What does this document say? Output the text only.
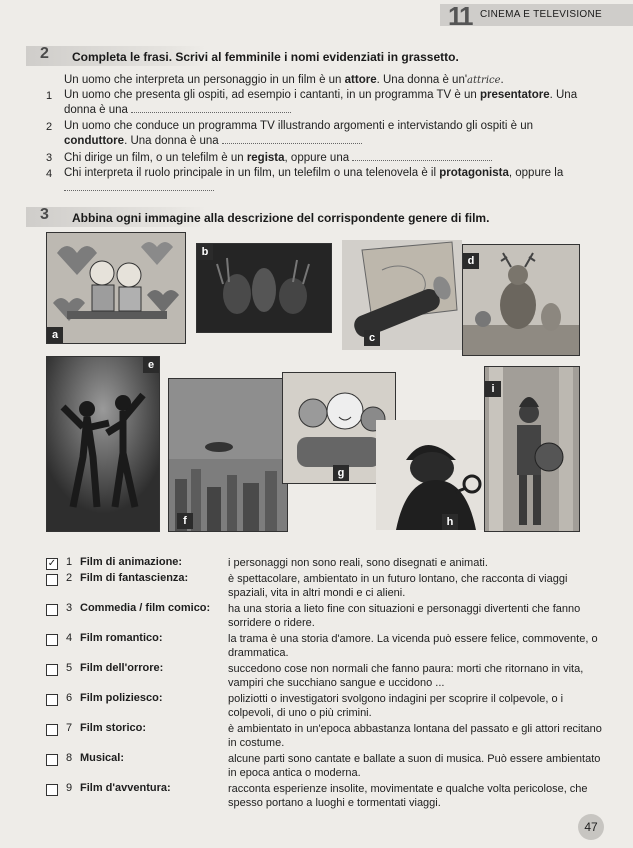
11 CINEMA E TELEVISIONE
2	Completa le frasi. Scrivi al femminile i nomi evidenziati in grassetto.
Un uomo che interpreta un personaggio in un film è un attore. Una donna è un'attrice.
1 Un uomo che presenta gli ospiti, ad esempio i cantanti, in un programma TV è un presentatore. Una
donna è una
2 Un uomo che conduce un programma TV illustrando argomenti e intervistando gli ospiti è un
conduttore. Una donna è una
3 Chi dirige un film, o un telefilm è un regista, oppure una
4 Chi interpreta il ruolo principale in un film, un telefilm o una telenovela è il protagonista, oppure la
3	Abbina ogni immagine alla descrizione del corrispondente genere di film.
a
b
c
d
e
f
g
h
i
✓ 1 Film di animazione:	i personaggi non sono reali, sono disegnati e animati.
2 Film di fantascienza:	è spettacolare, ambientato in un futuro lontano, che racconta di viaggi spaziali, vita in altri mondi e ci alieni.
3 Commedia / film comico: ha una storia a lieto fine con situazioni e personaggi divertenti che fanno sorridere o ridere.
4 Film romantico:	la trama è una storia d'amore. La vicenda può essere felice, commovente, o drammatica.
5 Film dell'orrore:	succedono cose non normali che fanno paura: morti che ritornano in vita, vampiri che succhiano sangue e uccidono ...
6 Film poliziesco:	poliziotti o investigatori svolgono indagini per scoprire il colpevole, o i colpevoli, di uno o più crimini.
7 Film storico:	è ambientato in un'epoca abbastanza lontana del passato e gli attori recitano in costume.
8 Musical:	alcune parti sono cantate e ballate a suon di musica. Può essere ambientato in epoca antica o moderna.
9 Film d'avventura:	racconta esperienze insolite, movimentate e qualche volta pericolose, che spesso portano a luoghi e tormentati viaggi.
47
